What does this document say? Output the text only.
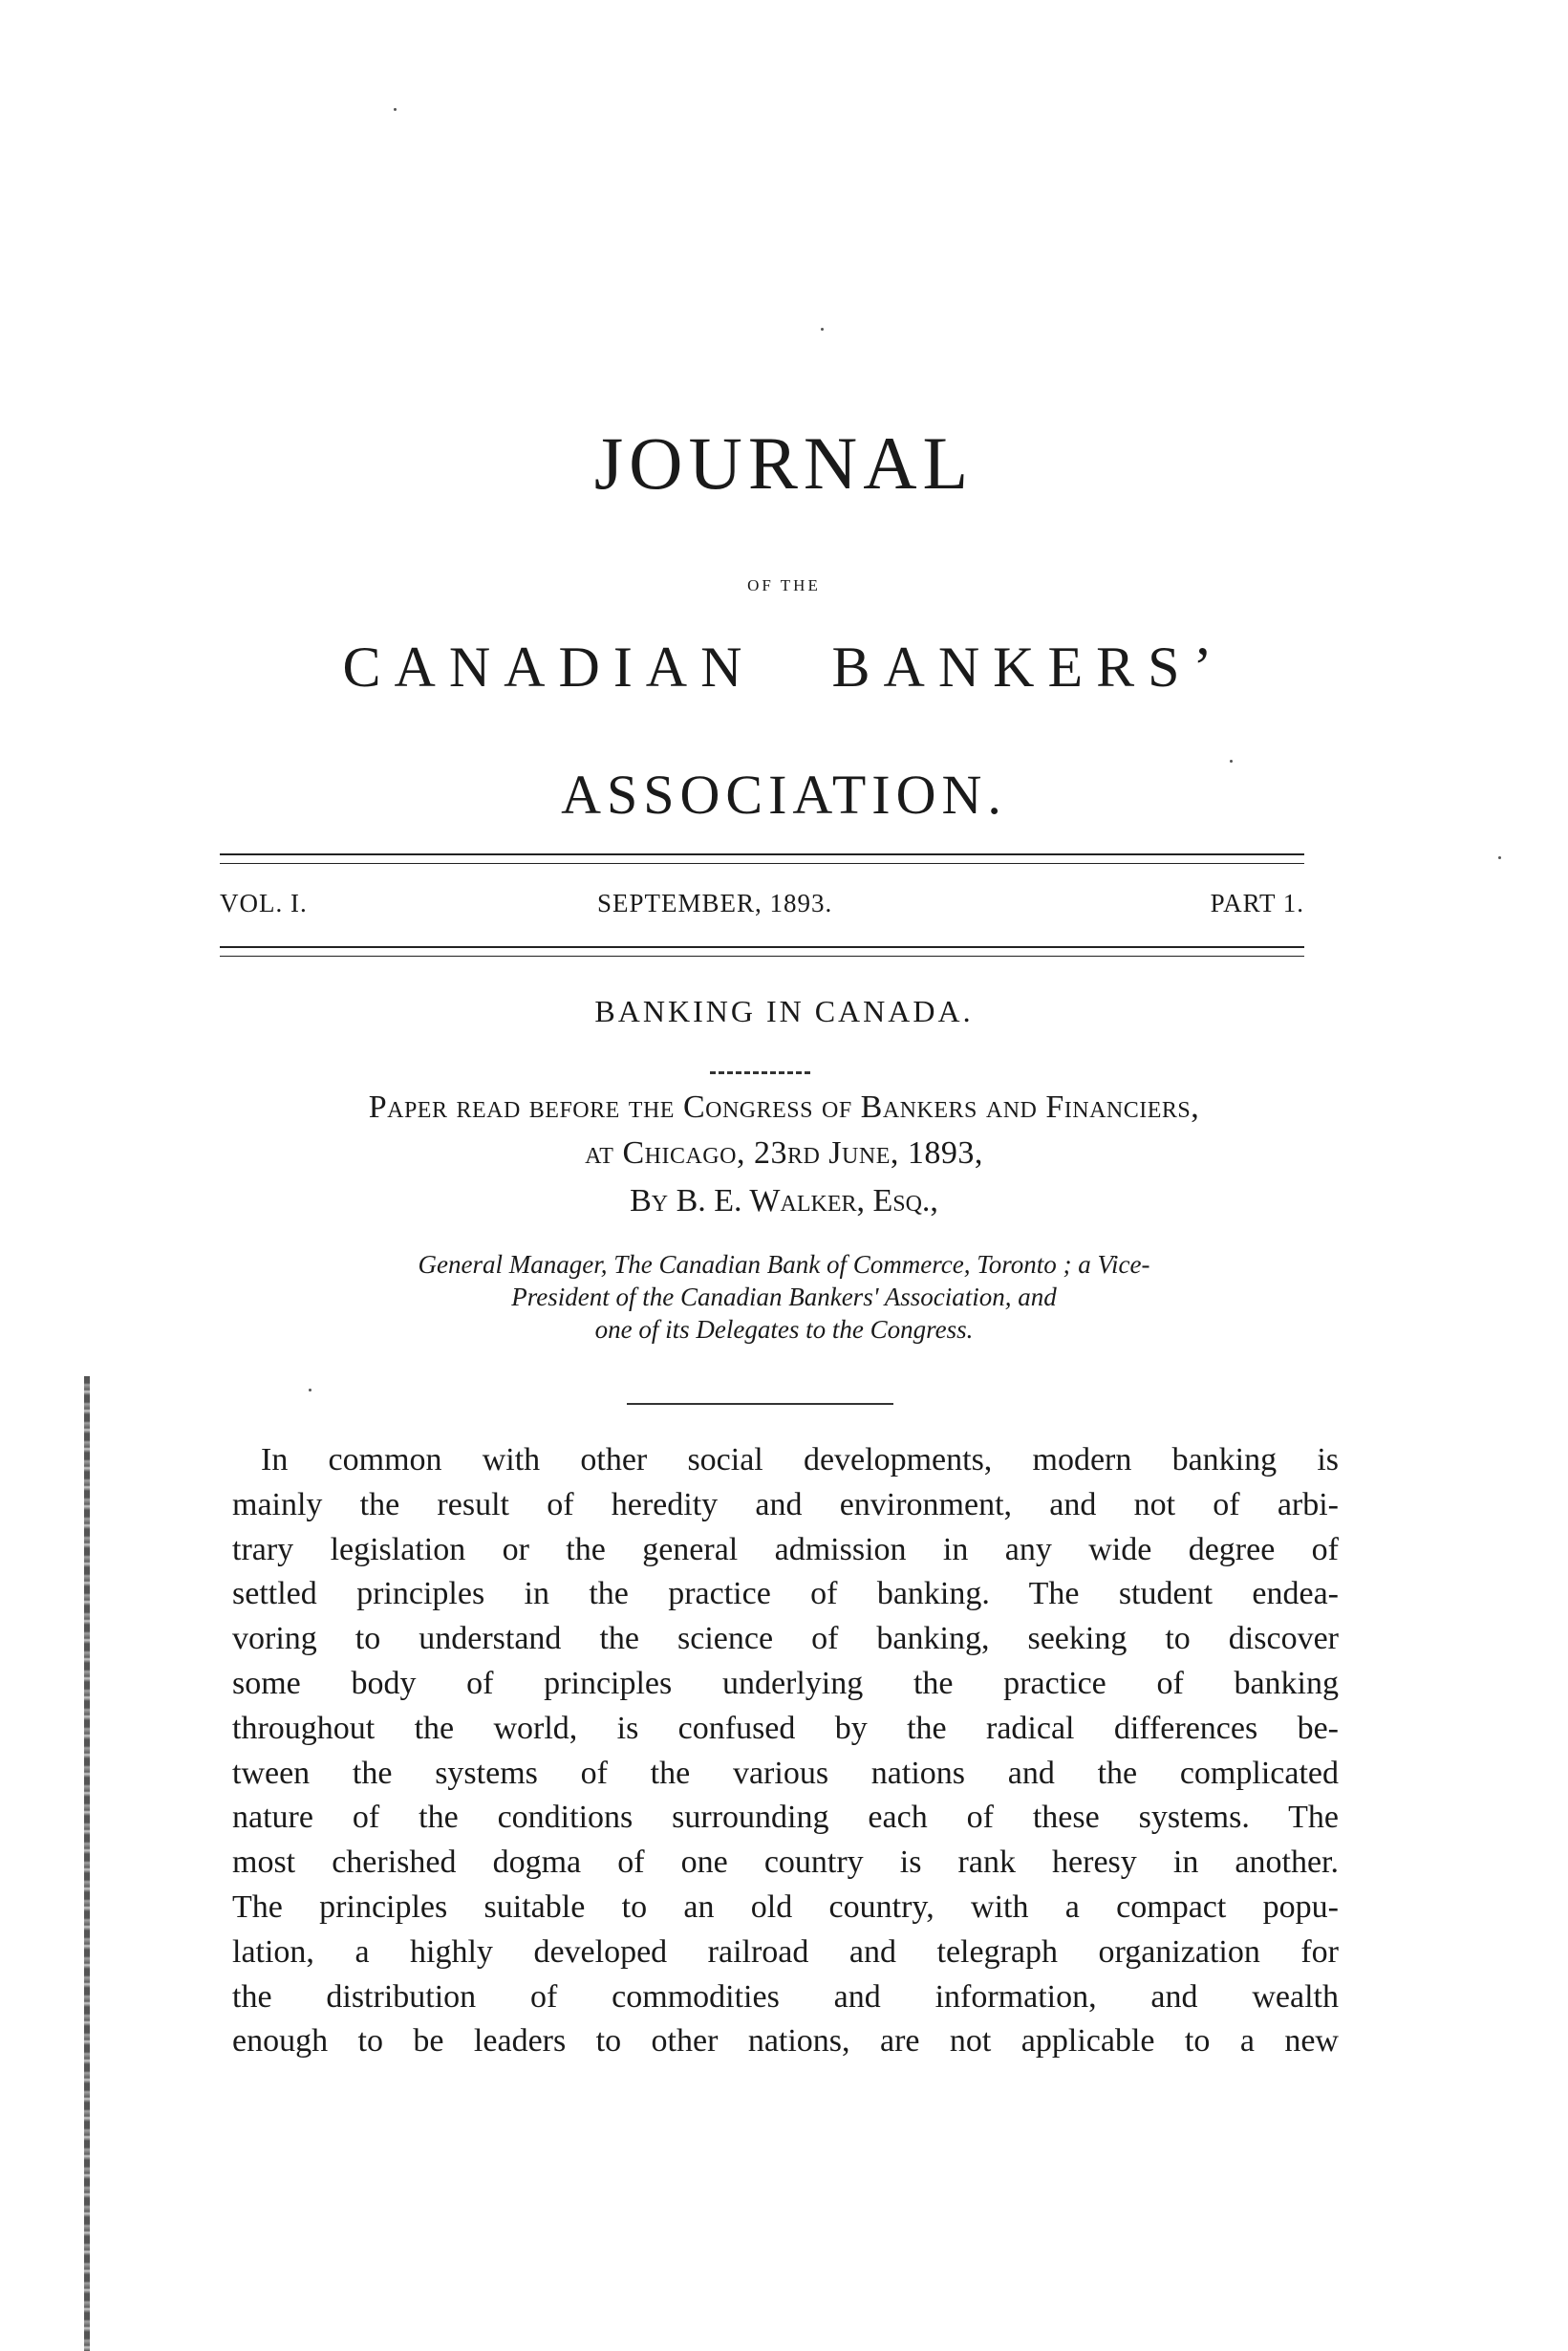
JOURNAL
OF THE
CANADIAN BANKERS’
ASSOCIATION.
VOL. I.	SEPTEMBER, 1893.	PART 1.
BANKING IN CANADA.
Paper read before the Congress of Bankers and Financiers,
at Chicago, 23rd June, 1893,
By B. E. Walker, Esq.,
General Manager, The Canadian Bank of Commerce, Toronto ; a Vice-
President of the Canadian Bankers' Association, and
one of its Delegates to the Congress.
In common with other social developments, modern banking is
mainly the result of heredity and environment, and not of arbi-
trary legislation or the general admission in any wide degree of
settled principles in the practice of banking. The student endea-
voring to understand the science of banking, seeking to discover
some body of principles underlying the practice of banking
throughout the world, is confused by the radical differences be-
tween the systems of the various nations and the complicated
nature of the conditions surrounding each of these systems. The
most cherished dogma of one country is rank heresy in another.
The principles suitable to an old country, with a compact popu-
lation, a highly developed railroad and telegraph organization for
the distribution of commodities and information, and wealth
enough to be leaders to other nations, are not applicable to a new
